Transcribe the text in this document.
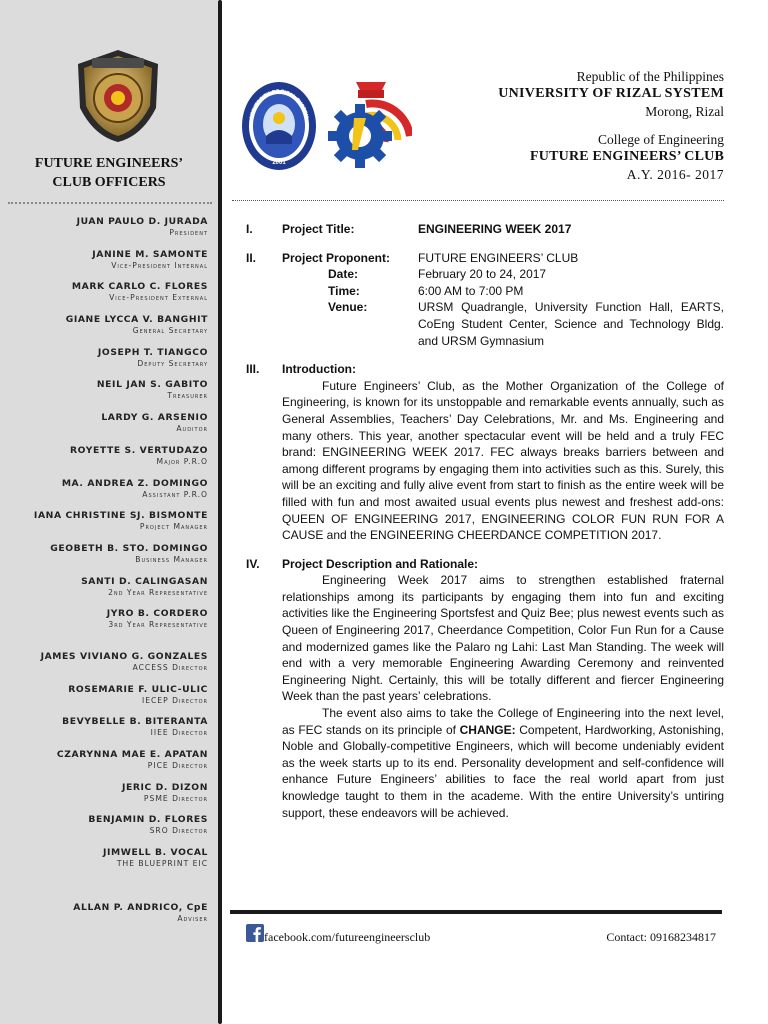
FUTURE ENGINEERS’
CLUB OFFICERS
JUAN PAULO D. JURADA
President
JANINE M. SAMONTE
Vice-President Internal
MARK CARLO C. FLORES
Vice-President External
GIANE LYCCA V. BANGHIT
General Secretary
JOSEPH T. TIANGCO
Deputy Secretary
NEIL JAN S. GABITO
Treasurer
LARDY G. ARSENIO
Auditor
ROYETTE S. VERTUDAZO
Major P.R.O
MA. ANDREA Z. DOMINGO
Assistant P.R.O
IANA CHRISTINE SJ. BISMONTE
Project Manager
GEOBETH B. STO. DOMINGO
Business Manager
SANTI D. CALINGASAN
2nd Year Representative
JYRO B. CORDERO
3rd Year Representative
JAMES VIVIANO G. GONZALES
ACCESS Director
ROSEMARIE F. ULIC-ULIC
IECEP Director
BEVYBELLE B. BITERANTA
IIEE Director
CZARYNNA MAE E. APATAN
PICE Director
JERIC D. DIZON
PSME Director
BENJAMIN D. FLORES
SRO Director
JIMWELL B. VOCAL
THE BLUEPRINT EIC
ALLAN P. ANDRICO, CpE
Adviser
2001
UNIVERSITY OF RIZAL SYSTEM
Republic of the Philippines
UNIVERSITY OF RIZAL SYSTEM
Morong, Rizal
College of Engineering
FUTURE ENGINEERS’ CLUB
A.Y. 2016- 2017
I.	Project Title:	ENGINEERING WEEK 2017
II.	Project Proponent:	FUTURE ENGINEERS’ CLUB
Date:	February 20 to 24, 2017
Time:	6:00 AM to 7:00 PM
Venue:	URSM Quadrangle, University Function Hall, EARTS, CoEng Student Center, Science and Technology Bldg. and URSM Gymnasium
III.	Introduction:

Future Engineers’ Club, as the Mother Organization of the College of Engineering, is known for its unstoppable and remarkable events annually, such as General Assemblies, Teachers’ Day Celebrations, Mr. and Ms. Engineering and many others. This year, another spectacular event will be held and a truly FEC brand: ENGINEERING WEEK 2017. FEC always breaks barriers between and among different programs by engaging them into activities such as this. Surely, this will be an exciting and fully alive event from start to finish as the entire week will be filled with fun and most awaited usual events plus newest and freshest add-ons: QUEEN OF ENGINEERING 2017, ENGINEERING COLOR FUN RUN FOR A CAUSE and the ENGINEERING CHEERDANCE COMPETITION 2017.

IV.	Project Description and Rationale:

Engineering Week 2017 aims to strengthen established fraternal relationships among its participants by engaging them into fun and exciting activities like the Engineering Sportsfest and Quiz Bee; plus newest events such as Queen of Engineering 2017, Cheerdance Competition, Color Fun Run for a Cause and modernized games like the Palaro ng Lahi: Last Man Standing. The week will end with a very memorable Engineering Awarding Ceremony and reinvented Engineering Night. Certainly, this will be totally different and fiercer Engineering Week than the past years’ celebrations.

The event also aims to take the College of Engineering into the next level, as FEC stands on its principle of CHANGE: Competent, Hardworking, Astonishing, Noble and Globally-competitive Engineers, which will become undeniably evident as the week starts up to its end. Personality development and self-confidence will enhance Future Engineers’ abilities to face the real world apart from just knowledge taught to them in the academe. With the entire University’s untiring support, these endeavors will be achieved.

facebook.com/futureengineersclub	Contact: 09168234817
